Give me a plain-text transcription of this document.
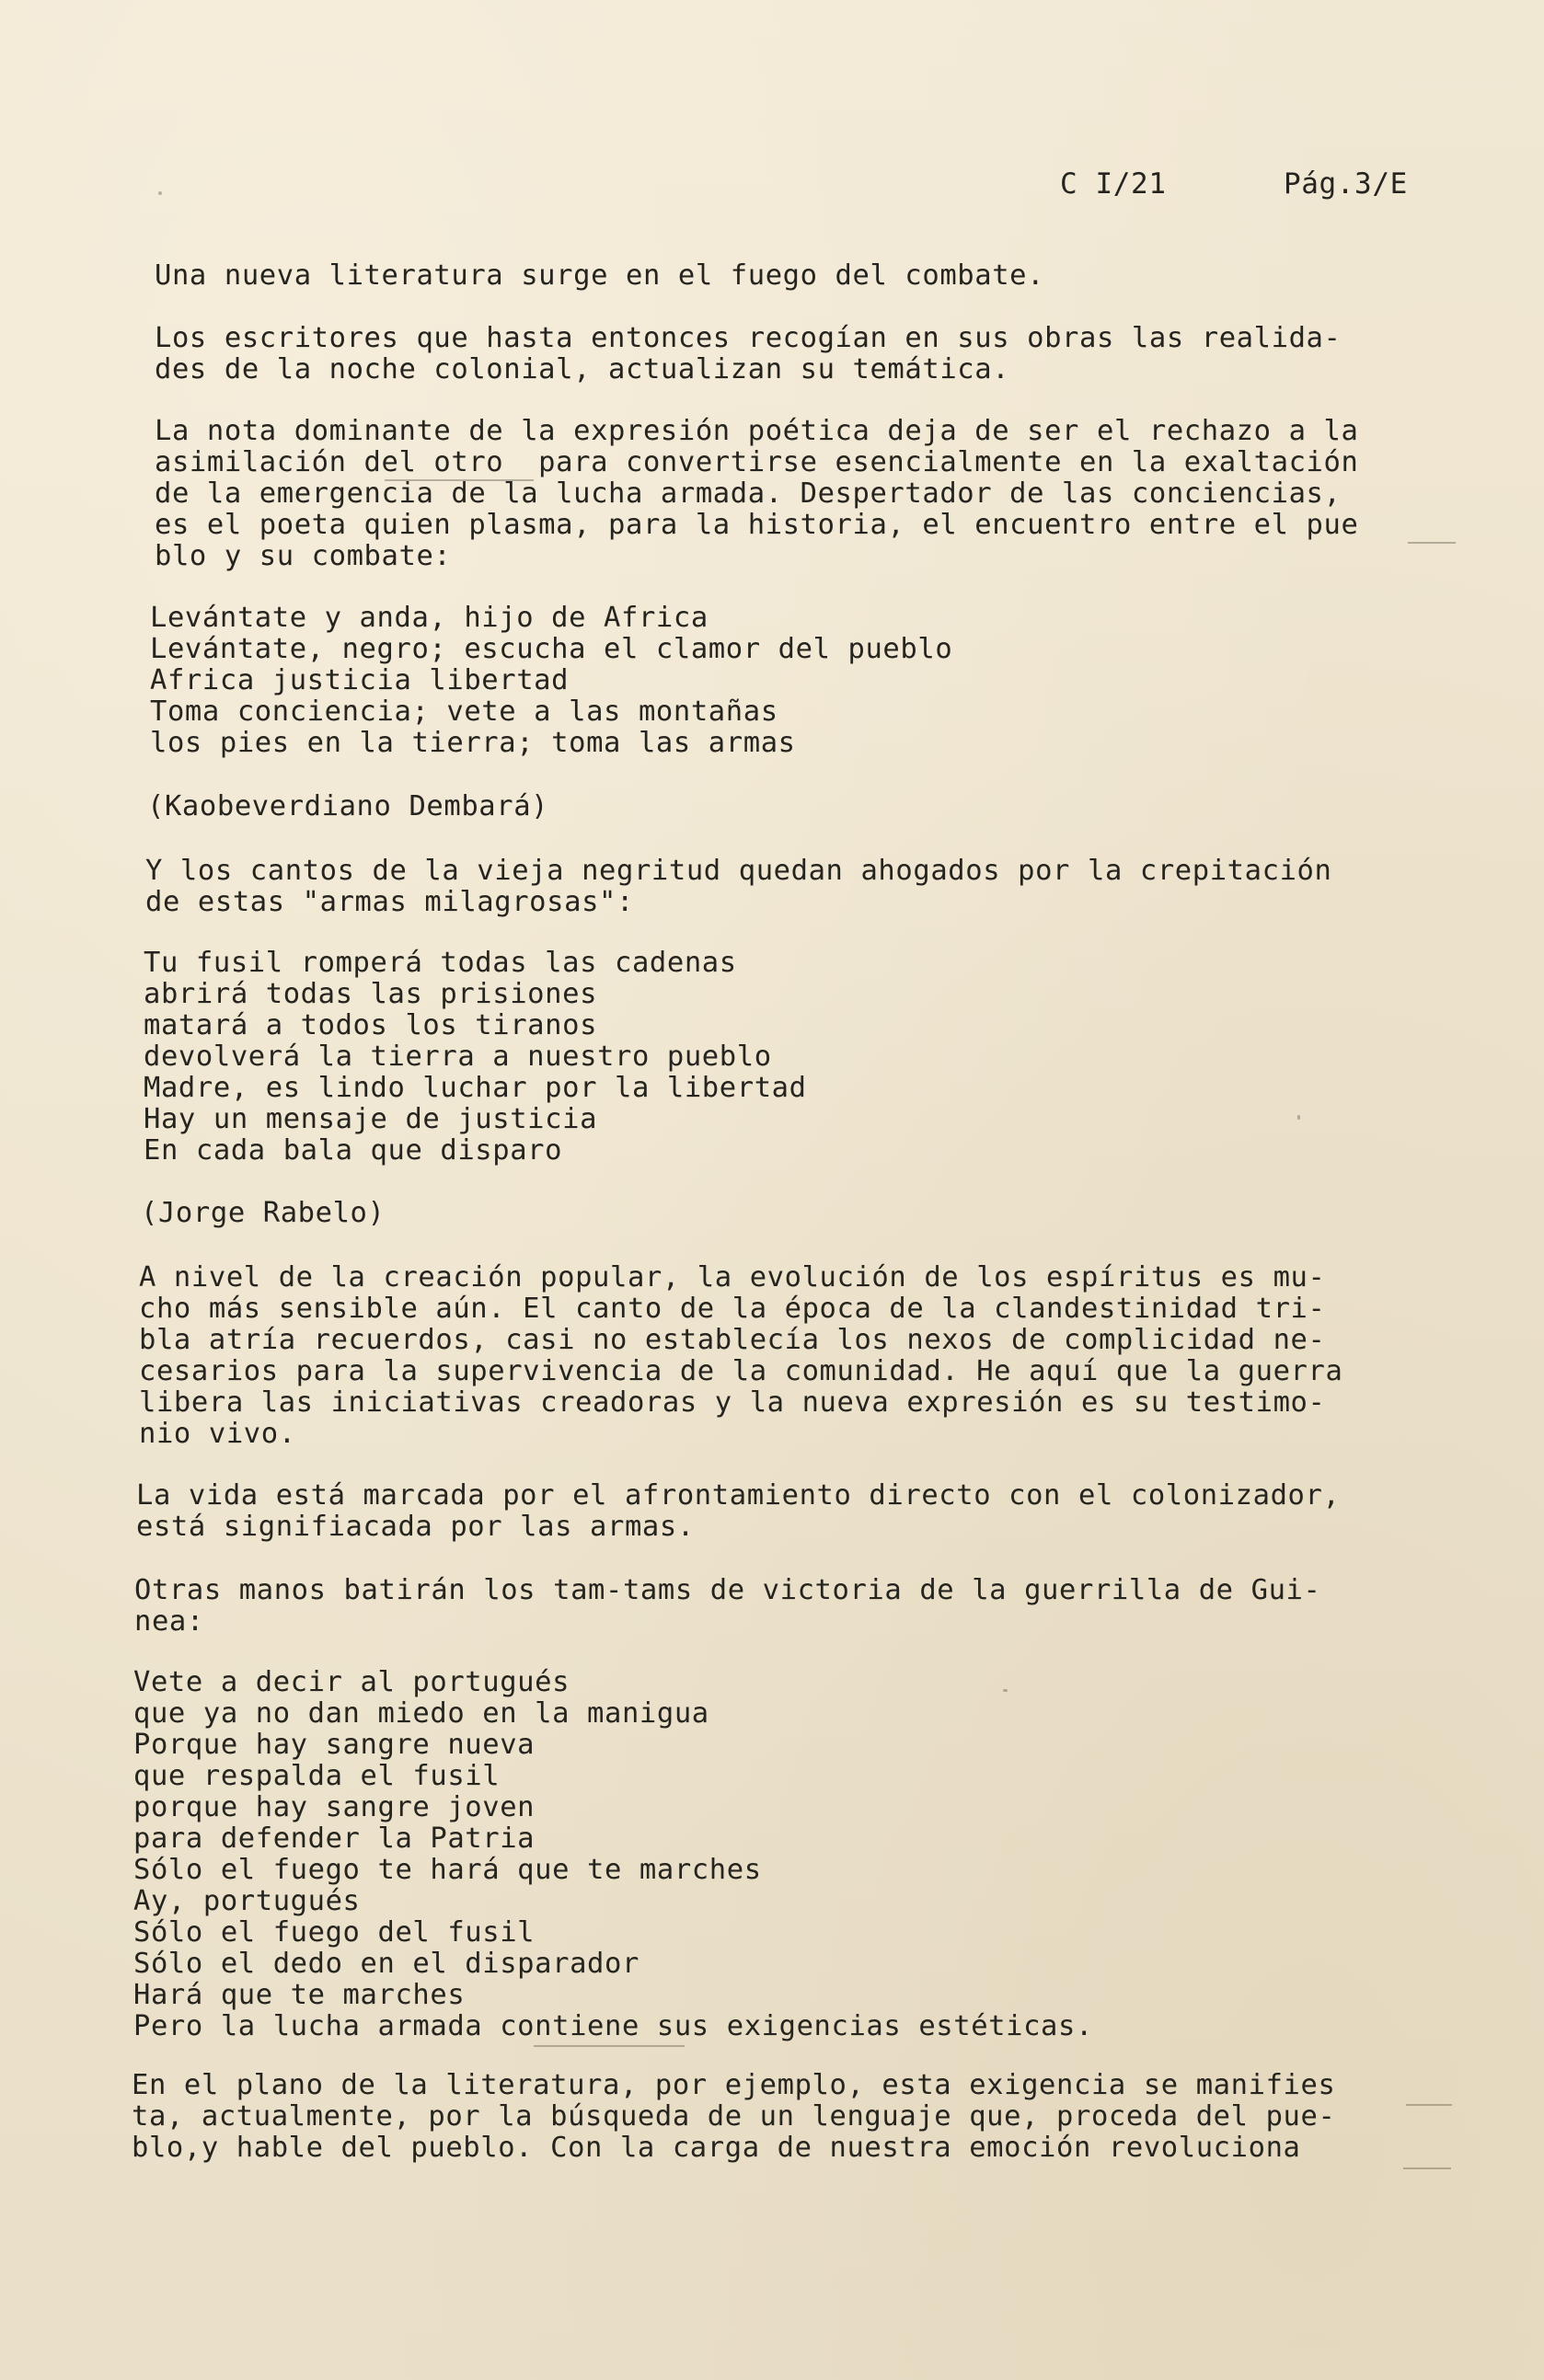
C I/21	Pág.3/E
Una nueva literatura surge en el fuego del combate.
Los escritores que hasta entonces recogían en sus obras las realida-
des de la noche colonial, actualizan su temática.
La nota dominante de la expresión poética deja de ser el rechazo a la
asimilación del otro  para convertirse esencialmente en la exaltación
de la emergencia de la lucha armada. Despertador de las conciencias,
es el poeta quien plasma, para la historia, el encuentro entre el pue
blo y su combate:
Levántate y anda, hijo de Africa
Levántate, negro; escucha el clamor del pueblo
Africa justicia libertad
Toma conciencia; vete a las montañas
los pies en la tierra; toma las armas
(Kaobeverdiano Dembará)
Y los cantos de la vieja negritud quedan ahogados por la crepitación
de estas "armas milagrosas":
Tu fusil romperá todas las cadenas
abrirá todas las prisiones
matará a todos los tiranos
devolverá la tierra a nuestro pueblo
Madre, es lindo luchar por la libertad
Hay un mensaje de justicia
En cada bala que disparo
(Jorge Rabelo)
A nivel de la creación popular, la evolución de los espíritus es mu-
cho más sensible aún. El canto de la época de la clandestinidad tri-
bla atría recuerdos, casi no establecía los nexos de complicidad ne-
cesarios para la supervivencia de la comunidad. He aquí que la guerra
libera las iniciativas creadoras y la nueva expresión es su testimo-
nio vivo.
La vida está marcada por el afrontamiento directo con el colonizador,
está signifiacada por las armas.
Otras manos batirán los tam-tams de victoria de la guerrilla de Gui-
nea:
Vete a decir al portugués
que ya no dan miedo en la manigua
Porque hay sangre nueva
que respalda el fusil
porque hay sangre joven
para defender la Patria
Sólo el fuego te hará que te marches
Ay, portugués
Sólo el fuego del fusil
Sólo el dedo en el disparador
Hará que te marches
Pero la lucha armada contiene sus exigencias estéticas.
En el plano de la literatura, por ejemplo, esta exigencia se manifies
ta, actualmente, por la búsqueda de un lenguaje que, proceda del pue-
blo,y hable del pueblo. Con la carga de nuestra emoción revoluciona
